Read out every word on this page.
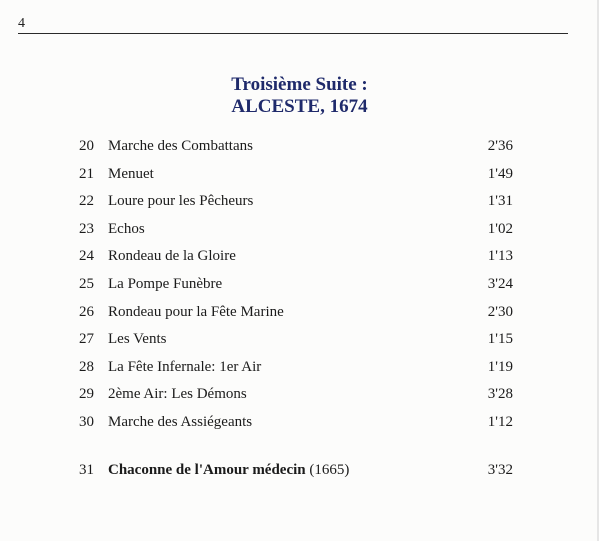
4
Troisième Suite :
ALCESTE, 1674
20 Marche des Combattans	2'36
21 Menuet	1'49
22 Loure pour les Pêcheurs	1'31
23 Echos	1'02
24 Rondeau de la Gloire	1'13
25 La Pompe Funèbre	3'24
26 Rondeau pour la Fête Marine	2'30
27 Les Vents	1'15
28 La Fête Infernale: 1er Air	1'19
29 2ème Air: Les Démons	3'28
30 Marche des Assiégeants	1'12
31 Chaconne de l'Amour médecin (1665)	3'32
